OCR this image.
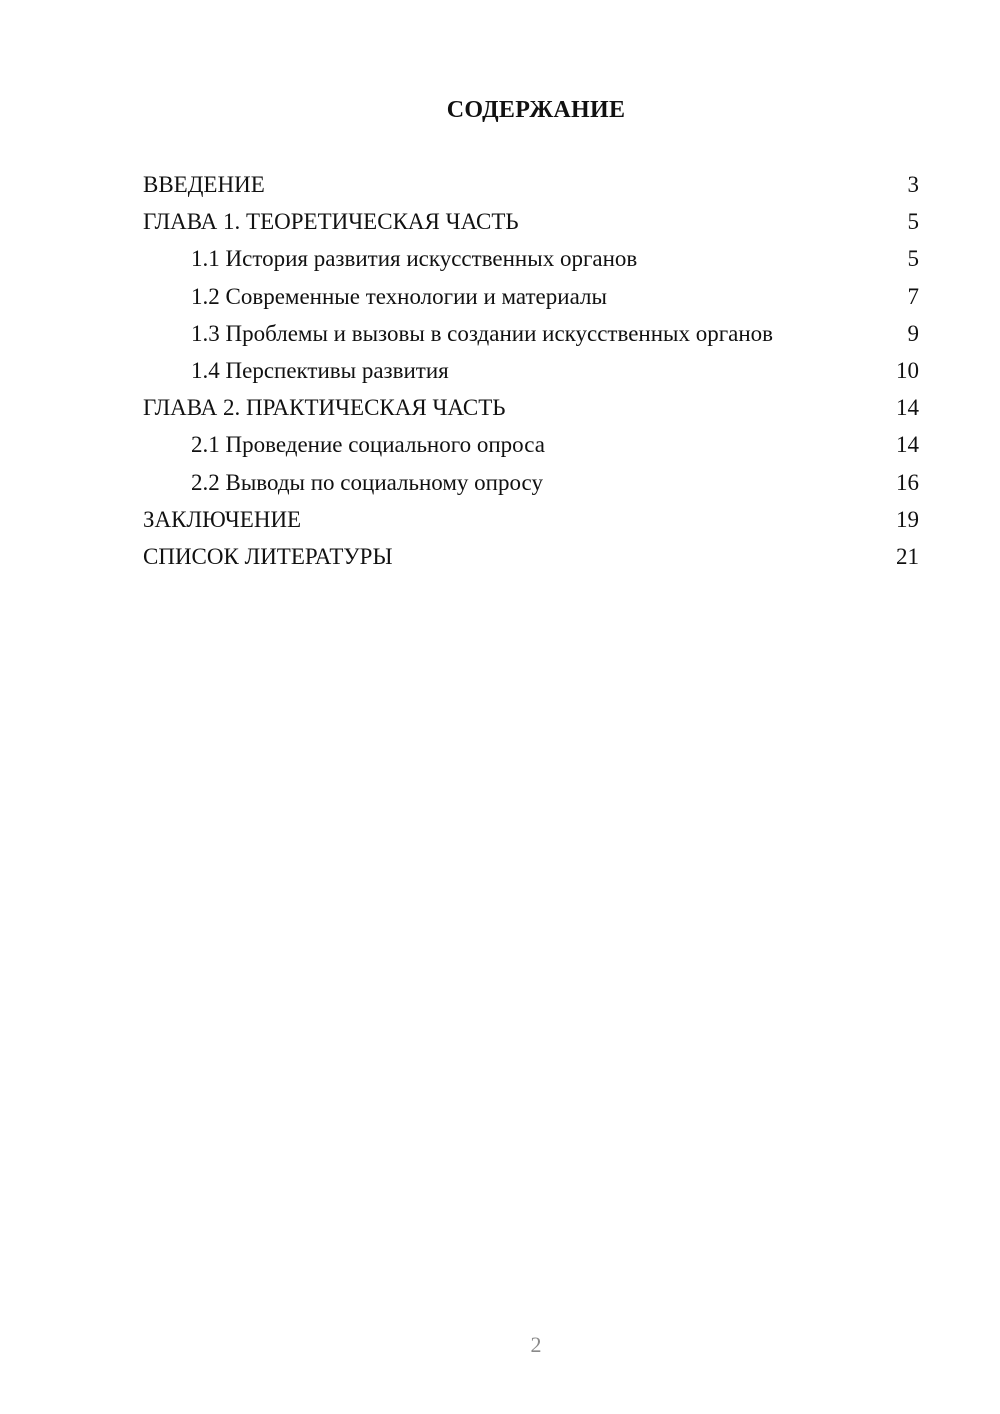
СОДЕРЖАНИЕ
ВВЕДЕНИЕ	3
ГЛАВА 1. ТЕОРЕТИЧЕСКАЯ ЧАСТЬ	5
1.1 История развития искусственных органов	5
1.2 Современные технологии и материалы	7
1.3 Проблемы и вызовы в создании искусственных органов	9
1.4 Перспективы развития	10
ГЛАВА 2. ПРАКТИЧЕСКАЯ ЧАСТЬ	14
2.1 Проведение социального опроса	14
2.2 Выводы по социальному опросу	16
ЗАКЛЮЧЕНИЕ	19
СПИСОК ЛИТЕРАТУРЫ	21
2
